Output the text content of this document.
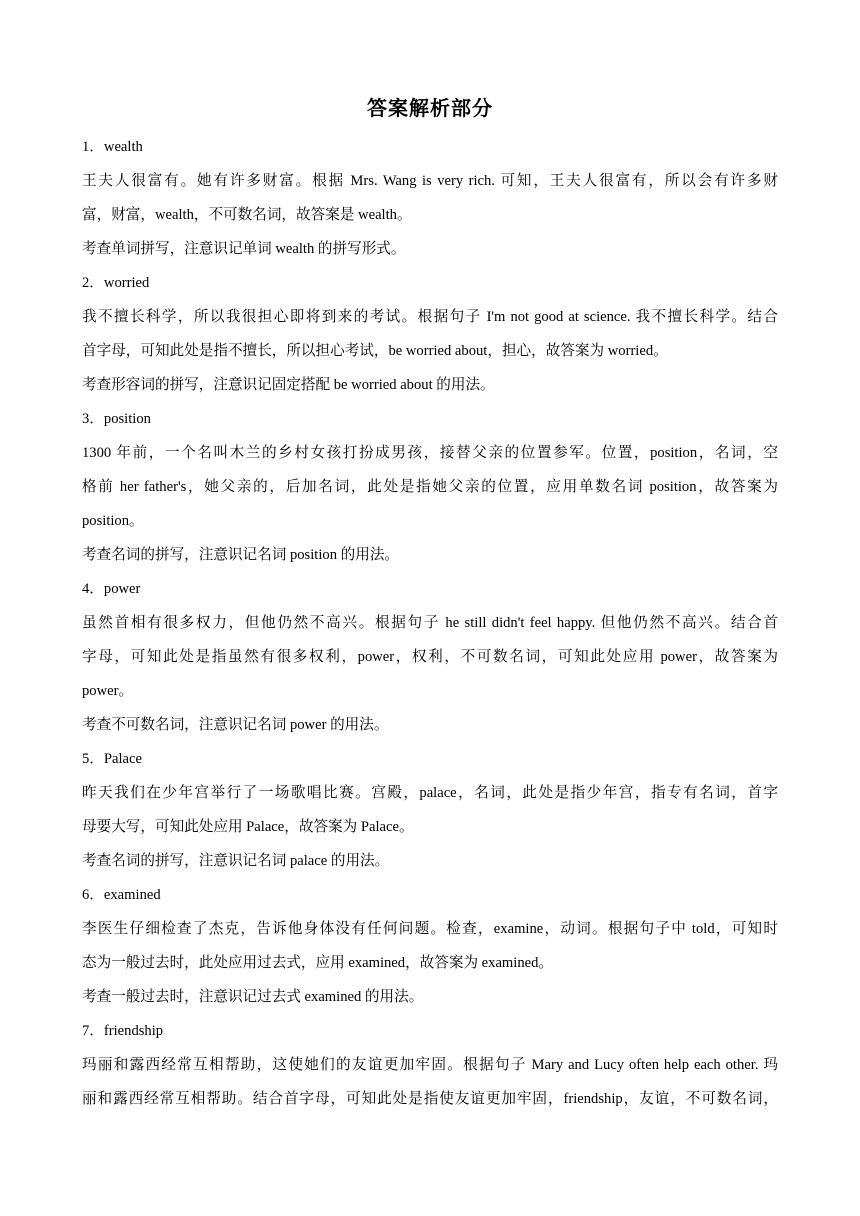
答案解析部分
1．wealth
王夫人很富有。她有许多财富。根据 Mrs. Wang is very rich. 可知，王夫人很富有，所以会有许多财
富，财富，wealth，不可数名词，故答案是 wealth。
考查单词拼写，注意识记单词 wealth 的拼写形式。
2．worried
我不擅长科学，所以我很担心即将到来的考试。根据句子 I'm not good at science. 我不擅长科学。结合
首字母，可知此处是指不擅长，所以担心考试，be worried about，担心，故答案为 worried。
考查形容词的拼写，注意识记固定搭配 be worried about 的用法。
3．position
1300 年前，一个名叫木兰的乡村女孩打扮成男孩，接替父亲的位置参军。位置，position，名词，空
格前 her father's，她父亲的，后加名词，此处是指她父亲的位置，应用单数名词 position，故答案为
position。
考查名词的拼写，注意识记名词 position 的用法。
4．power
虽然首相有很多权力，但他仍然不高兴。根据句子 he still didn't feel happy. 但他仍然不高兴。结合首
字母，可知此处是指虽然有很多权利，power，权利，不可数名词，可知此处应用 power，故答案为
power。
考查不可数名词，注意识记名词 power 的用法。
5．Palace
昨天我们在少年宫举行了一场歌唱比赛。宫殿，palace，名词，此处是指少年宫，指专有名词，首字
母要大写，可知此处应用 Palace，故答案为 Palace。
考查名词的拼写，注意识记名词 palace 的用法。
6．examined
李医生仔细检查了杰克，告诉他身体没有任何问题。检查，examine，动词。根据句子中 told，可知时
态为一般过去时，此处应用过去式，应用 examined，故答案为 examined。
考查一般过去时，注意识记过去式 examined 的用法。
7．friendship
玛丽和露西经常互相帮助，这使她们的友谊更加牢固。根据句子 Mary and Lucy often help each other. 玛
丽和露西经常互相帮助。结合首字母，可知此处是指使友谊更加牢固，friendship，友谊，不可数名词，
